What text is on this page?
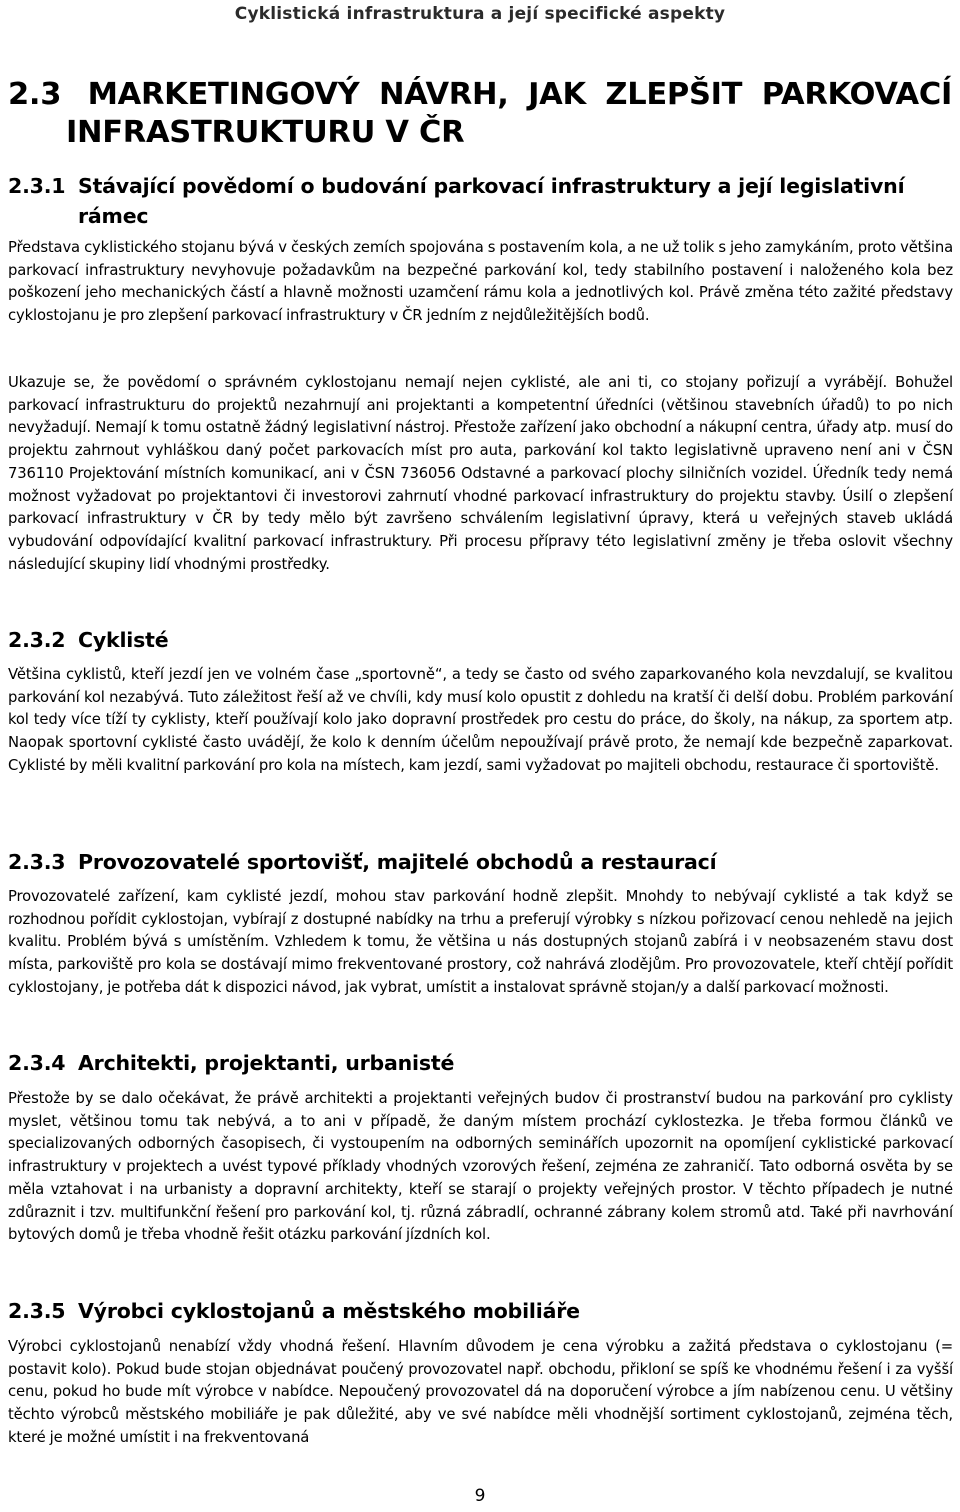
Cyklistická infrastruktura a její specifické aspekty
2.3 MARKETINGOVÝ NÁVRH, JAK ZLEPŠIT PARKOVACÍ
INFRASTRUKTURU V ČR
2.3.1 Stávající povědomí o budování parkovací infrastruktury a její legislativní
rámec

Představa cyklistického stojanu bývá v českých zemích spojována s postavením kola, a ne už tolik s jeho zamykáním, proto většina parkovací infrastruktury nevyhovuje požadavkům na bezpečné parkování kol, tedy stabilního postavení i naloženého kola bez poškození jeho mechanických částí a hlavně možnosti uzamčení rámu kola a jednotlivých kol. Právě změna této zažité představy cyklostojanu je pro zlepšení parkovací infrastruktury v ČR jedním z nejdůležitějších bodů.

Ukazuje se, že povědomí o správném cyklostojanu nemají nejen cyklisté, ale ani ti, co stojany pořizují a vyrábějí. Bohužel parkovací infrastrukturu do projektů nezahrnují ani projektanti a kompetentní úředníci (většinou stavebních úřadů) to po nich nevyžadují. Nemají k tomu ostatně žádný legislativní nástroj. Přestože zařízení jako obchodní a nákupní centra, úřady atp. musí do projektu zahrnout vyhláškou daný počet parkovacích míst pro auta, parkování kol takto legislativně upraveno není ani v ČSN 736110 Projektování místních komunikací, ani v ČSN 736056 Odstavné a parkovací plochy silničních vozidel. Úředník tedy nemá možnost vyžadovat po projektantovi či investorovi zahrnutí vhodné parkovací infrastruktury do projektu stavby. Úsilí o zlepšení parkovací infrastruktury v ČR by tedy mělo být završeno schválením legislativní úpravy, která u veřejných staveb ukládá vybudování odpovídající kvalitní parkovací infrastruktury. Při procesu přípravy této legislativní změny je třeba oslovit všechny následující skupiny lidí vhodnými prostředky.

2.3.2 Cyklisté

Většina cyklistů, kteří jezdí jen ve volném čase „sportovně“, a tedy se často od svého zaparkovaného kola nevzdalují, se kvalitou parkování kol nezabývá. Tuto záležitost řeší až ve chvíli, kdy musí kolo opustit z dohledu na kratší či delší dobu. Problém parkování kol tedy více tíží ty cyklisty, kteří používají kolo jako dopravní prostředek pro cestu do práce, do školy, na nákup, za sportem atp. Naopak sportovní cyklisté často uvádějí, že kolo k denním účelům nepoužívají právě proto, že nemají kde bezpečně zaparkovat. Cyklisté by měli kvalitní parkování pro kola na místech, kam jezdí, sami vyžadovat po majiteli obchodu, restaurace či sportoviště.

2.3.3 Provozovatelé sportovišť, majitelé obchodů a restaurací

Provozovatelé zařízení, kam cyklisté jezdí, mohou stav parkování hodně zlepšit. Mnohdy to nebývají cyklisté a tak když se rozhodnou pořídit cyklostojan, vybírají z dostupné nabídky na trhu a preferují výrobky s nízkou pořizovací cenou nehledě na jejich kvalitu. Problém bývá s umístěním. Vzhledem k tomu, že většina u nás dostupných stojanů zabírá i v neobsazeném stavu dost místa, parkoviště pro kola se dostávají mimo frekventované prostory, což nahrává zlodějům. Pro provozovatele, kteří chtějí pořídit cyklostojany, je potřeba dát k dispozici návod, jak vybrat, umístit a instalovat správně stojan/y a další parkovací možnosti.

2.3.4 Architekti, projektanti, urbanisté

Přestože by se dalo očekávat, že právě architekti a projektanti veřejných budov či prostranství budou na parkování pro cyklisty myslet, většinou tomu tak nebývá, a to ani v případě, že daným místem prochází cyklostezka. Je třeba formou článků ve specializovaných odborných časopisech, či vystoupením na odborných seminářích upozornit na opomíjení cyklistické parkovací infrastruktury v projektech a uvést typové příklady vhodných vzorových řešení, zejména ze zahraničí. Tato odborná osvěta by se měla vztahovat i na urbanisty a dopravní architekty, kteří se starají o projekty veřejných prostor. V těchto případech je nutné zdůraznit i tzv. multifunkční řešení pro parkování kol, tj. různá zábradlí, ochranné zábrany kolem stromů atd. Také při navrhování bytových domů je třeba vhodně řešit otázku parkování jízdních kol.

2.3.5 Výrobci cyklostojanů a městského mobiliáře

Výrobci cyklostojanů nenabízí vždy vhodná řešení. Hlavním důvodem je cena výrobku a zažitá představa o cyklostojanu (= postavit kolo). Pokud bude stojan objednávat poučený provozovatel např. obchodu, přikloní se spíš ke vhodnému řešení i za vyšší cenu, pokud ho bude mít výrobce v nabídce. Nepoučený provozovatel dá na doporučení výrobce a jím nabízenou cenu. U většiny těchto výrobců městského mobiliáře je pak důležité, aby ve své nabídce měli vhodnější sortiment cyklostojanů, zejména těch, které je možné umístit i na frekventovaná

9
